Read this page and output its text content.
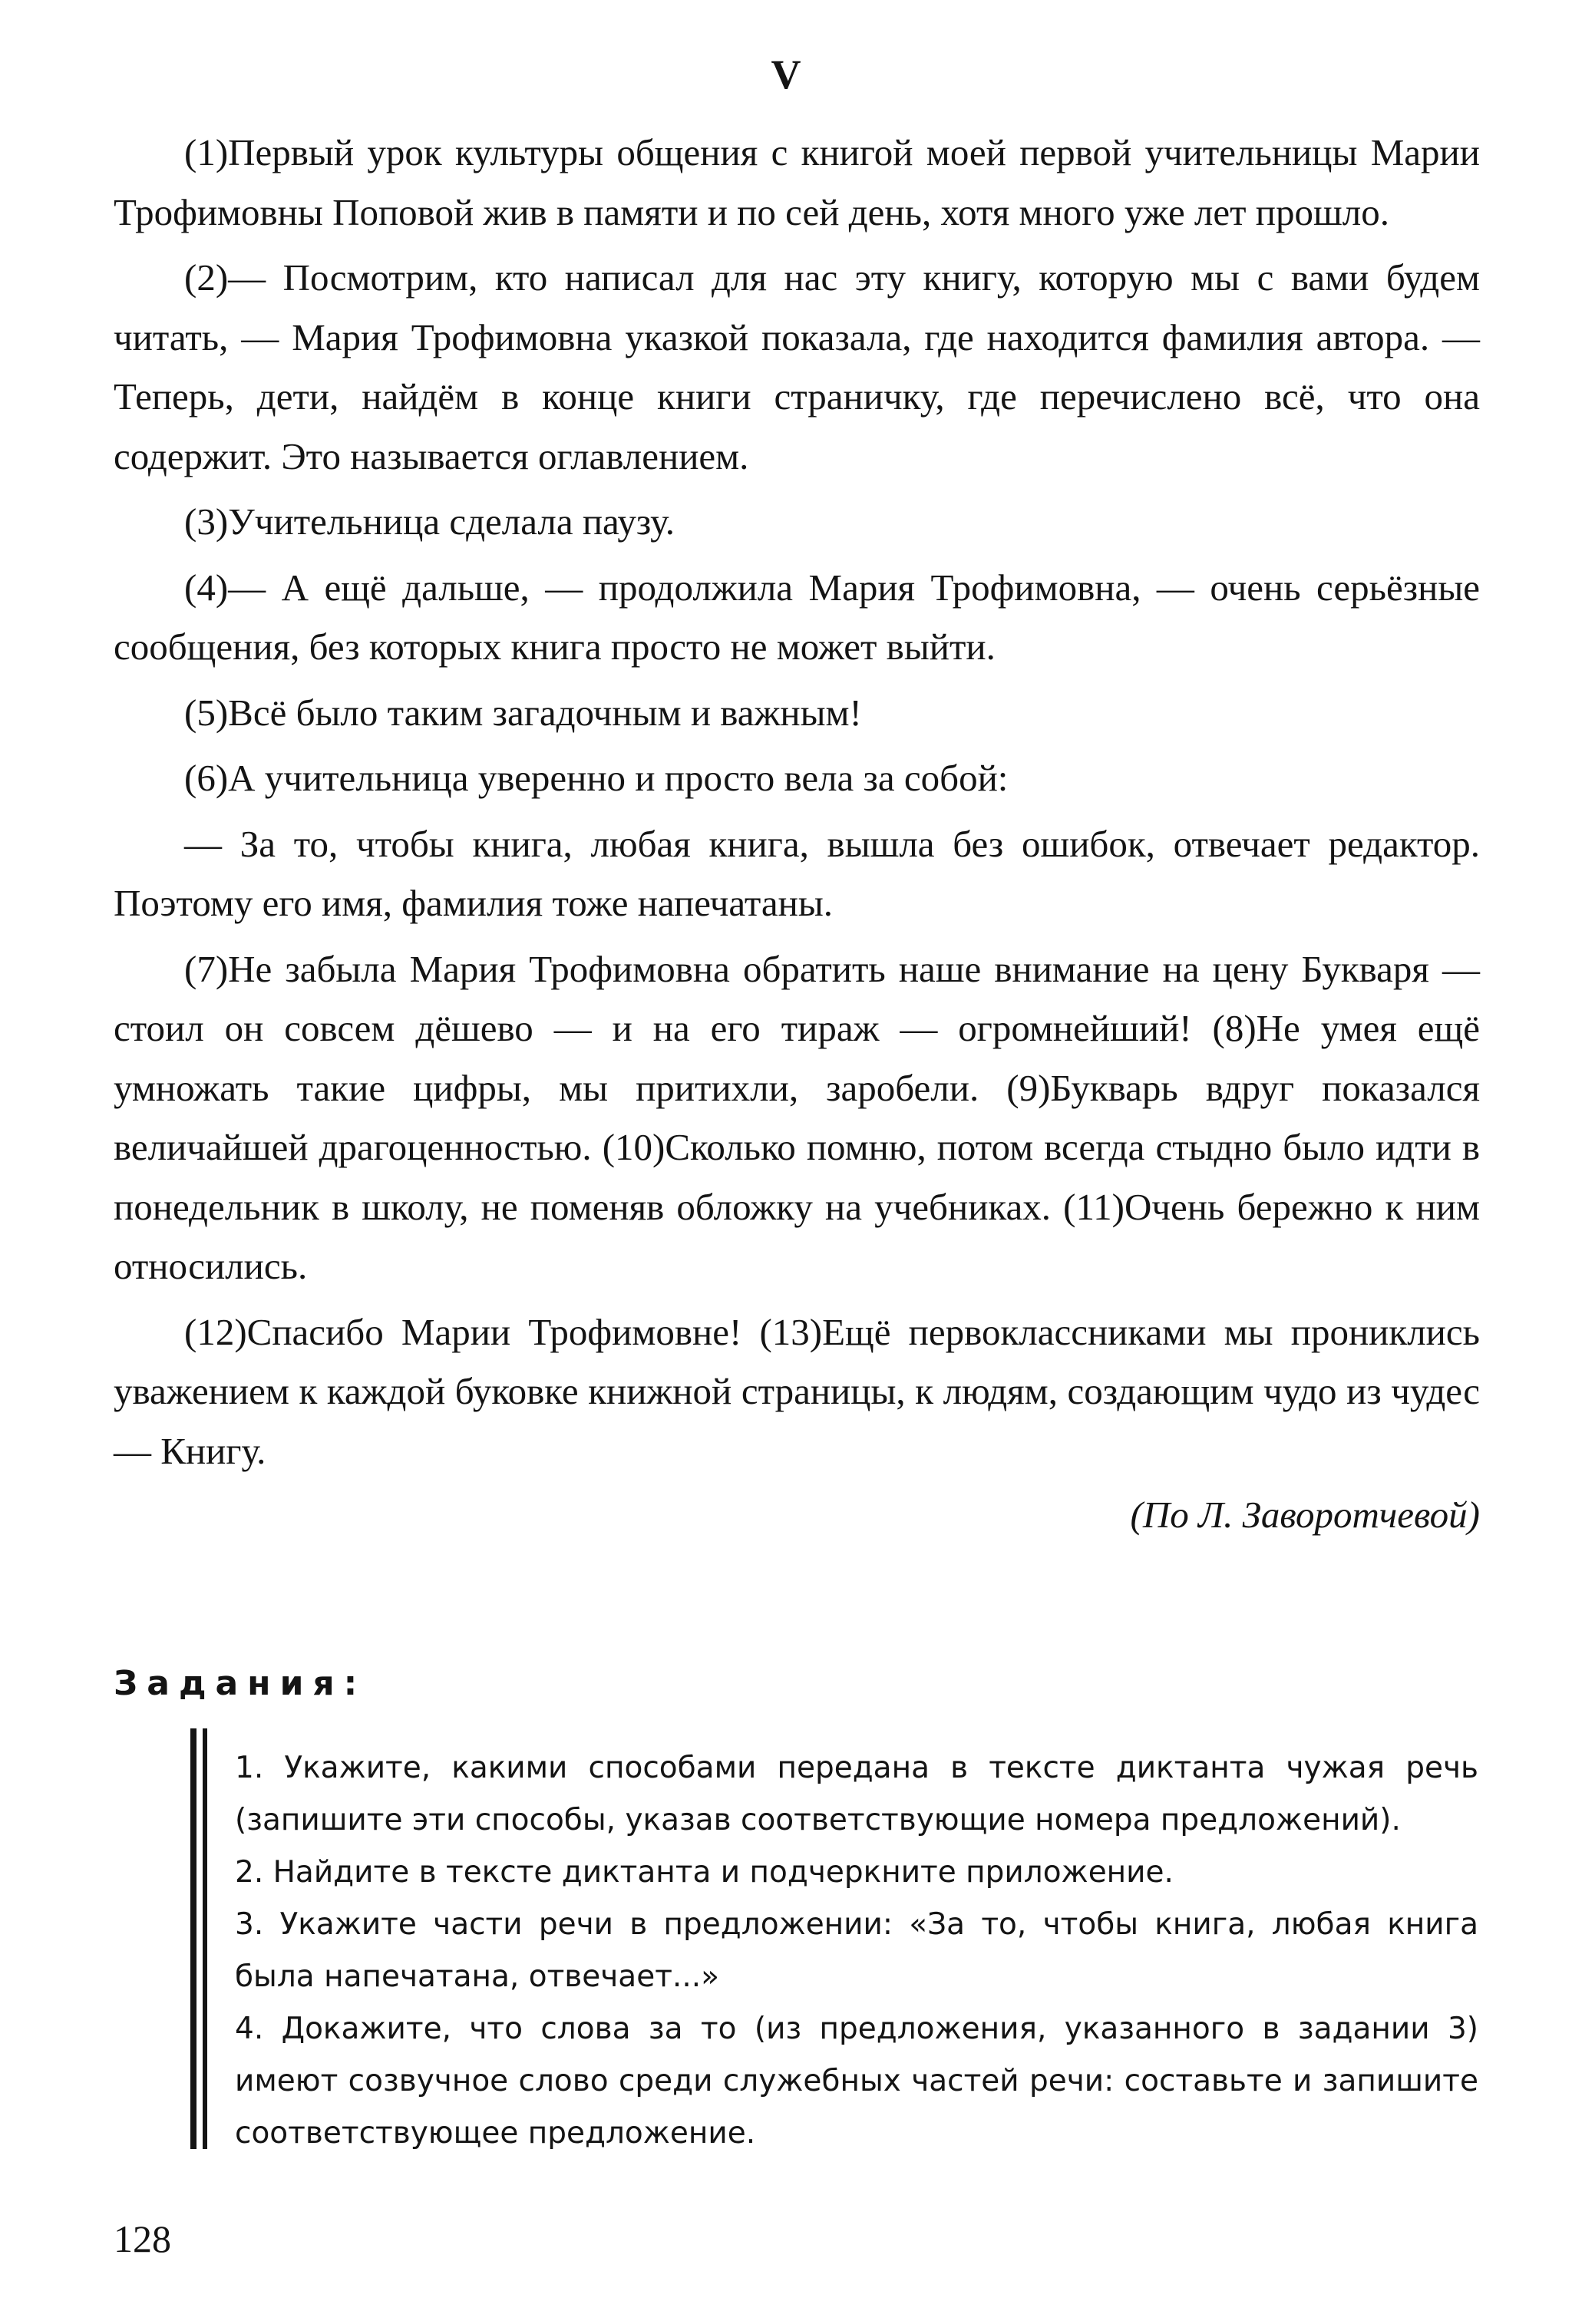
V

(1)Первый урок культуры общения с книгой моей первой учительницы Марии Трофимовны Поповой жив в памяти и по сей день, хотя много уже лет прошло.

(2)— Посмотрим, кто написал для нас эту книгу, которую мы с вами будем читать, — Мария Трофимовна указкой показала, где находится фамилия автора. — Теперь, дети, найдём в конце книги страничку, где перечислено всё, что она содержит. Это называется оглавлением.

(3)Учительница сделала паузу.

(4)— А ещё дальше, — продолжила Мария Трофимовна, — очень серьёзные сообщения, без которых книга просто не может выйти.

(5)Всё было таким загадочным и важным!

(6)А учительница уверенно и просто вела за собой:

— За то, чтобы книга, любая книга, вышла без ошибок, отвечает редактор. Поэтому его имя, фамилия тоже напечатаны.

(7)Не забыла Мария Трофимовна обратить наше внимание на цену Букваря — стоил он совсем дёшево — и на его тираж — огромнейший! (8)Не умея ещё умножать такие цифры, мы притихли, заробели. (9)Букварь вдруг показался величайшей драгоценностью. (10)Сколько помню, потом всегда стыдно было идти в понедельник в школу, не поменяв обложку на учебниках. (11)Очень бережно к ним относились.

(12)Спасибо Марии Трофимовне! (13)Ещё первоклассниками мы прониклись уважением к каждой буковке книжной страницы, к людям, создающим чудо из чудес — Книгу.

(По Л. Заворотчевой)

Задания:

1. Укажите, какими способами передана в тексте диктанта чужая речь (запишите эти способы, указав соответствующие номера предложений).

2. Найдите в тексте диктанта и подчеркните приложение.

3. Укажите части речи в предложении: «За то, чтобы книга, любая книга была напечатана, отвечает...»

4. Докажите, что слова за то (из предложения, указанного в задании 3) имеют созвучное слово среди служебных частей речи: составьте и запишите соответствующее предложение.

128
